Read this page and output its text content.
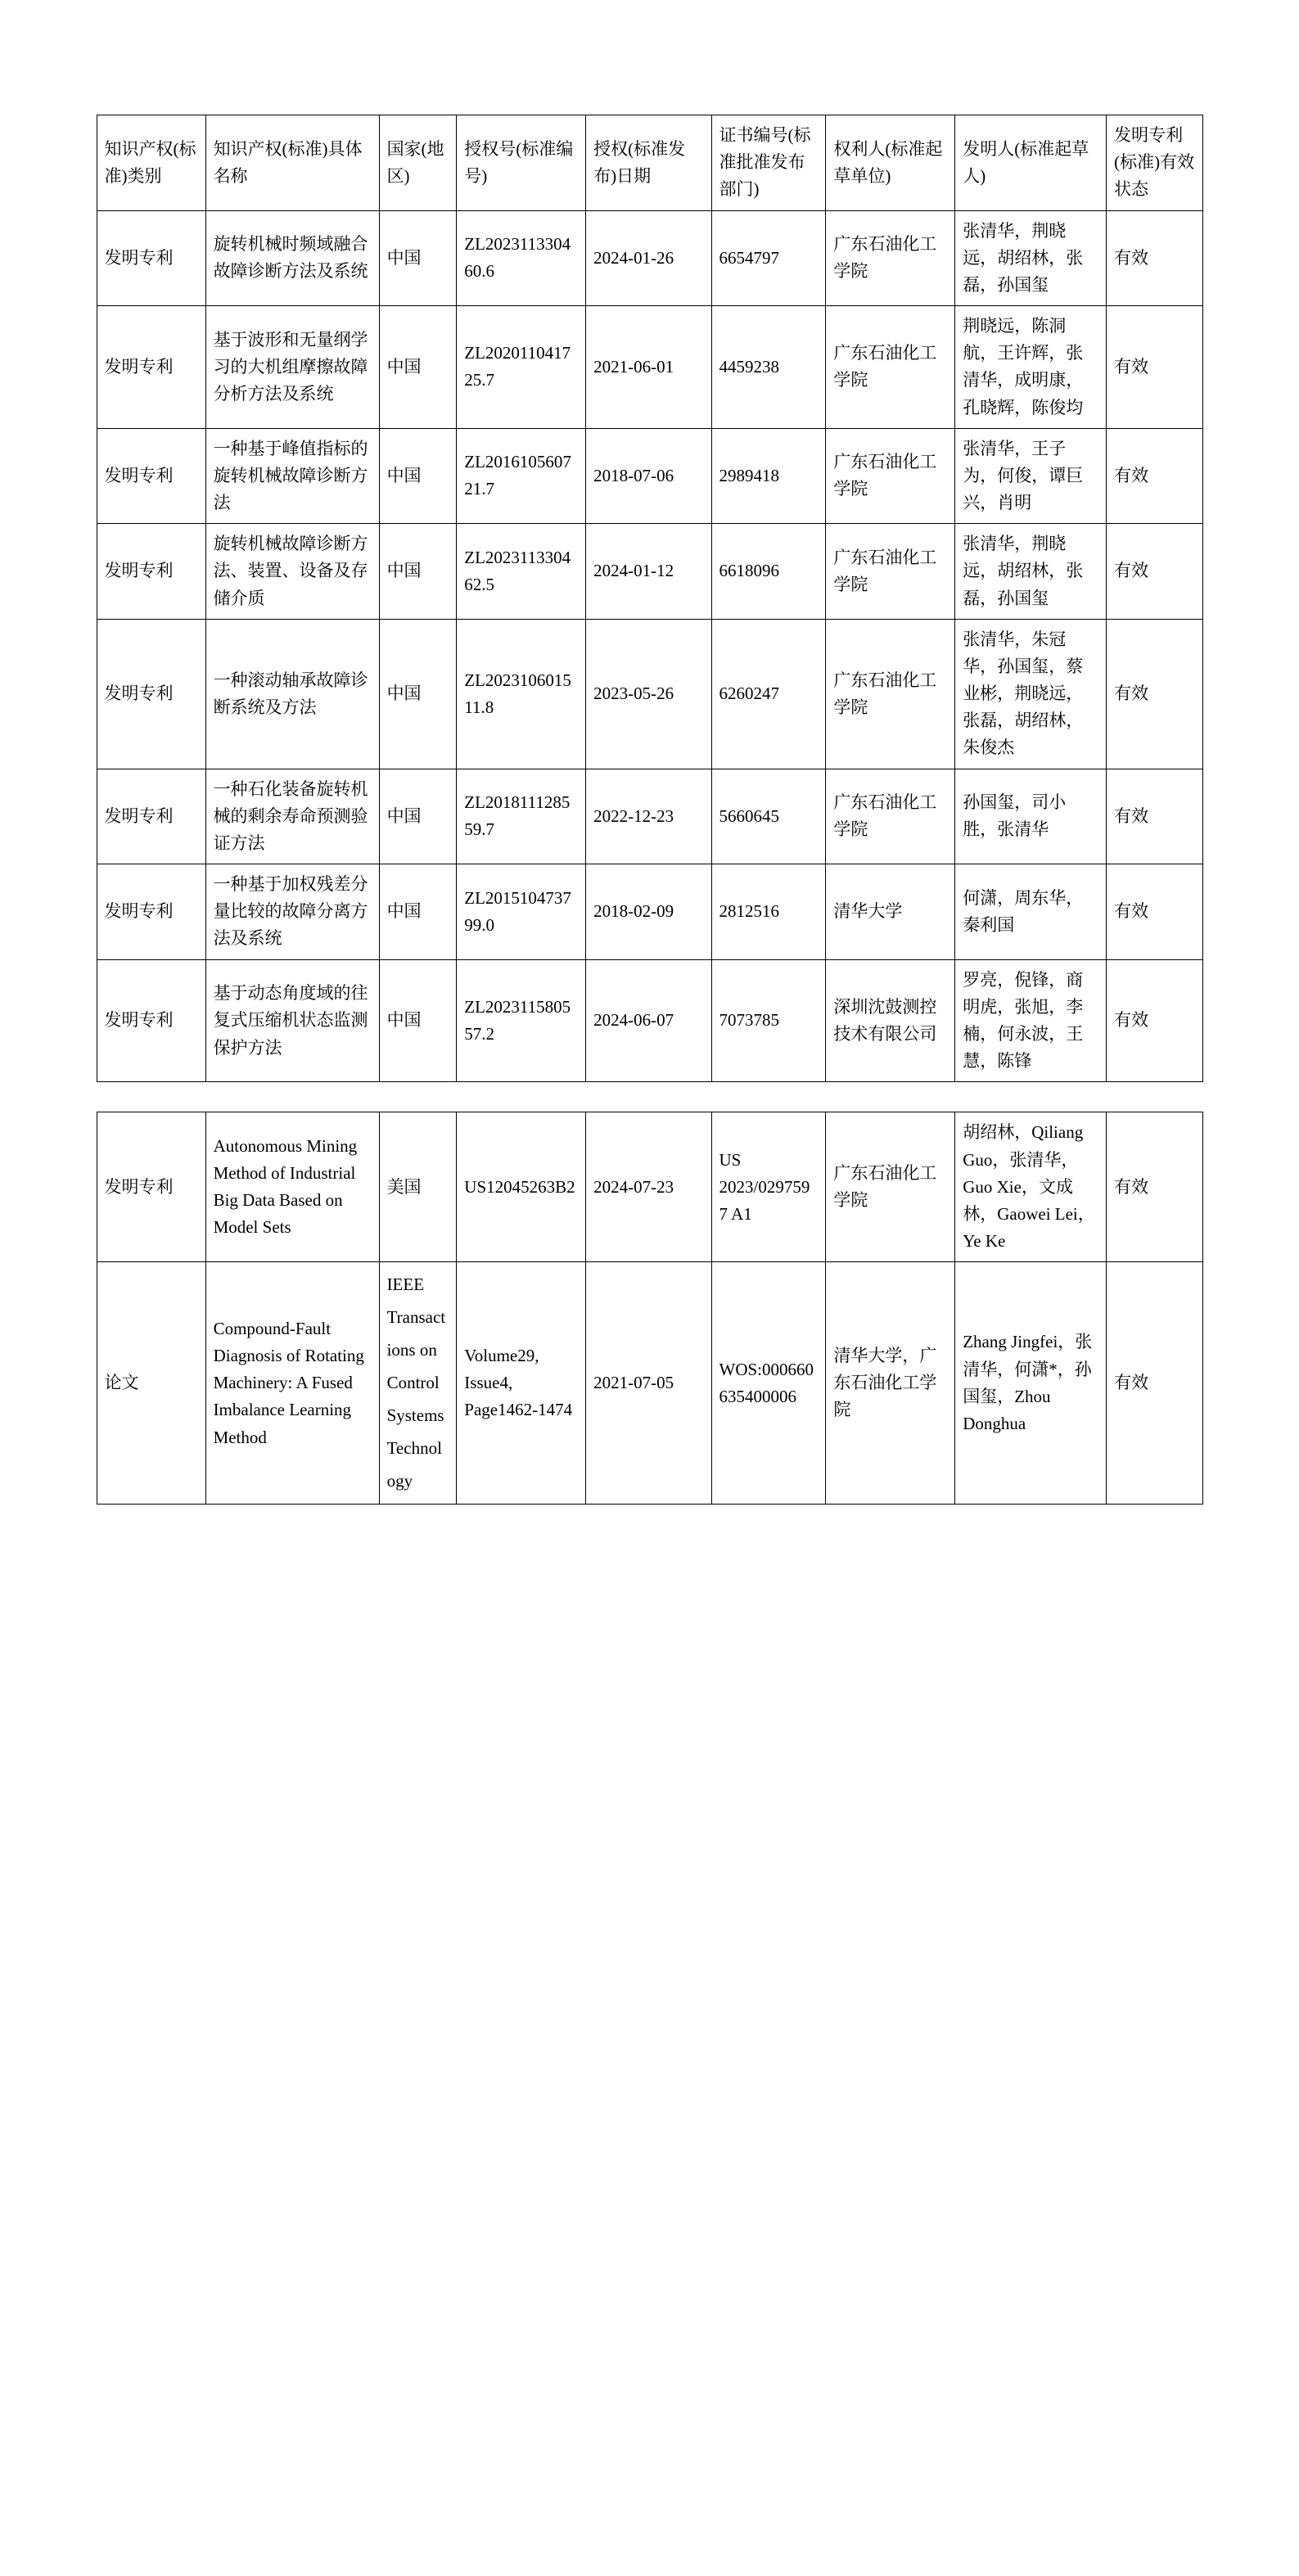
知识产权(标准)类别	知识产权(标准)具体名称	国家(地区)	授权号(标准编号)	授权(标准发布)日期	证书编号(标准批准发布部门)	权利人(标准起草单位)	发明人(标准起草人)	发明专利(标准)有效状态
发明专利	旋转机械时频域融合故障诊断方法及系统	中国	ZL202311330460.6	2024-01-26	6654797	广东石油化工学院	张清华，荆晓远，胡绍林，张磊，孙国玺	有效
发明专利	基于波形和无量纲学习的大机组摩擦故障分析方法及系统	中国	ZL202011041725.7	2021-06-01	4459238	广东石油化工学院	荆晓远，陈洞航，王许辉，张清华，成明康，孔晓辉，陈俊均	有效
发明专利	一种基于峰值指标的旋转机械故障诊断方法	中国	ZL201610560721.7	2018-07-06	2989418	广东石油化工学院	张清华，王子为，何俊，谭巨兴，肖明	有效
发明专利	旋转机械故障诊断方法、装置、设备及存储介质	中国	ZL202311330462.5	2024-01-12	6618096	广东石油化工学院	张清华，荆晓远，胡绍林，张磊，孙国玺	有效
发明专利	一种滚动轴承故障诊断系统及方法	中国	ZL202310601511.8	2023-05-26	6260247	广东石油化工学院	张清华，朱冠华，孙国玺，蔡业彬，荆晓远，张磊，胡绍林，朱俊杰	有效
发明专利	一种石化装备旋转机械的剩余寿命预测验证方法	中国	ZL201811128559.7	2022-12-23	5660645	广东石油化工学院	孙国玺，司小胜，张清华	有效
发明专利	一种基于加权残差分量比较的故障分离方法及系统	中国	ZL201510473799.0	2018-02-09	2812516	清华大学	何潇，周东华，秦利国	有效
发明专利	基于动态角度域的往复式压缩机状态监测保护方法	中国	ZL202311580557.2	2024-06-07	7073785	深圳沈鼓测控技术有限公司	罗亮，倪锋，商明虎，张旭，李楠，何永波，王慧，陈锋	有效
发明专利	Autonomous Mining Method of Industrial Big Data Based on Model Sets	美国	US12045263B2	2024-07-23	US 2023/0297597 A1	广东石油化工学院	胡绍林，Qiliang Guo，张清华，Guo Xie，文成林，Gaowei Lei，Ye Ke	有效
论文	Compound-Fault Diagnosis of Rotating Machinery: A Fused Imbalance Learning Method	IEEE Transactions on Control Systems Technology	Volume29, Issue4, Page1462-1474	2021-07-05	WOS:000660635400006	清华大学，广东石油化工学院	Zhang Jingfei，张清华，何潇*，孙国玺，Zhou Donghua	有效
